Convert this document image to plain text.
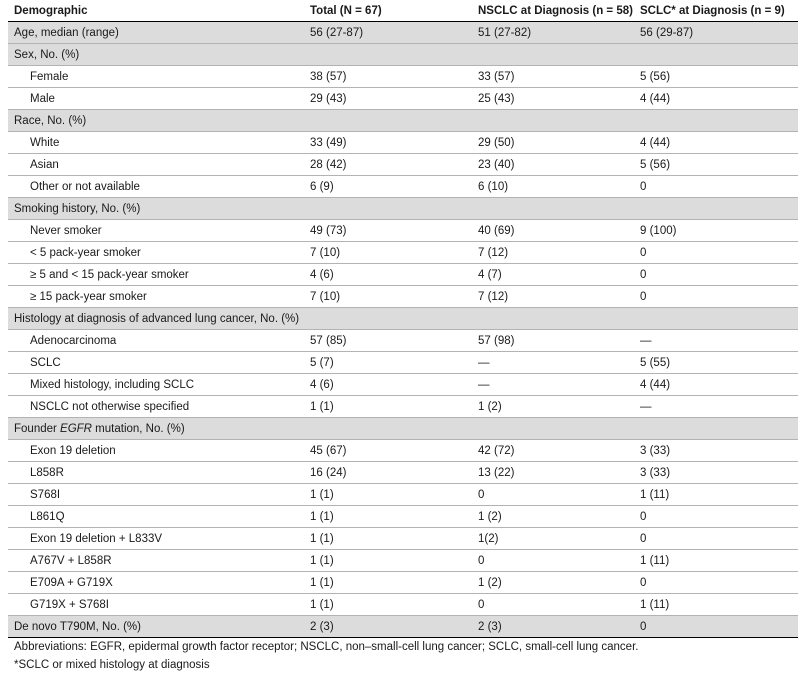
Demographic	Total (N = 67)	NSCLC at Diagnosis (n = 58)	SCLC* at Diagnosis (n = 9)
Age, median (range)	56 (27-87)	51 (27-82)	56 (29-87)
Sex, No. (%)			
Female	38 (57)	33 (57)	5 (56)
Male	29 (43)	25 (43)	4 (44)
Race, No. (%)			
White	33 (49)	29 (50)	4 (44)
Asian	28 (42)	23 (40)	5 (56)
Other or not available	6 (9)	6 (10)	0
Smoking history, No. (%)			
Never smoker	49 (73)	40 (69)	9 (100)
< 5 pack-year smoker	7 (10)	7 (12)	0
≥ 5 and < 15 pack-year smoker	4 (6)	4 (7)	0
≥ 15 pack-year smoker	7 (10)	7 (12)	0
Histology at diagnosis of advanced lung cancer, No. (%)			
Adenocarcinoma	57 (85)	57 (98)	—
SCLC	5 (7)	—	5 (55)
Mixed histology, including SCLC	4 (6)	—	4 (44)
NSCLC not otherwise specified	1 (1)	1 (2)	—
Founder EGFR mutation, No. (%)			
Exon 19 deletion	45 (67)	42 (72)	3 (33)
L858R	16 (24)	13 (22)	3 (33)
S768I	1 (1)	0	1 (11)
L861Q	1 (1)	1 (2)	0
Exon 19 deletion + L833V	1 (1)	1(2)	0
A767V + L858R	1 (1)	0	1 (11)
E709A + G719X	1 (1)	1 (2)	0
G719X + S768I	1 (1)	0	1 (11)
De novo T790M, No. (%)	2 (3)	2 (3)	0
Abbreviations: EGFR, epidermal growth factor receptor; NSCLC, non–small-cell lung cancer; SCLC, small-cell lung cancer.
*SCLC or mixed histology at diagnosis
